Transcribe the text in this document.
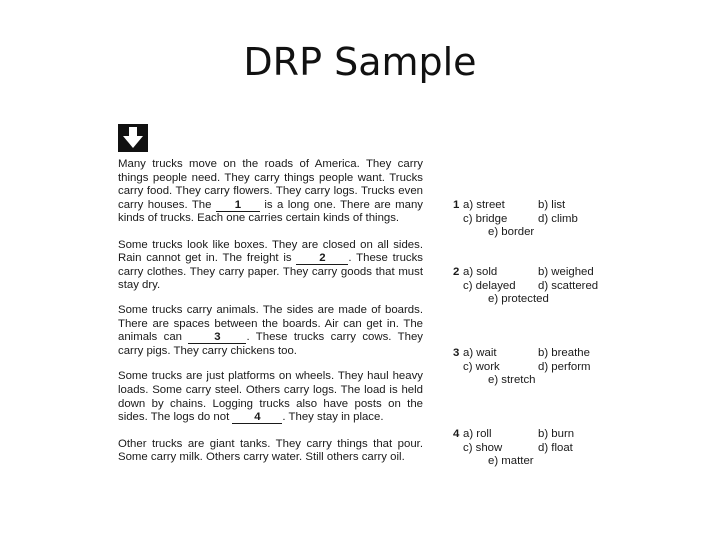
DRP Sample

Many trucks move on the roads of America. They carry things people need. They carry things people want. Trucks carry food. They carry flowers. They carry logs. Trucks even carry houses. The 1 is a long one. There are many kinds of trucks. Each one carries certain kinds of things.

Some trucks look like boxes. They are closed on all sides. Rain cannot get in. The freight is 2 . These trucks carry clothes. They carry paper. They carry goods that must stay dry.

Some trucks carry animals. The sides are made of boards. There are spaces between the boards. Air can get in. The animals can 3 . These trucks carry cows. They carry pigs. They carry chickens too.

Some trucks are just platforms on wheels. They haul heavy loads. Some carry steel. Others carry logs. The load is held down by chains. Logging trucks also have posts on the sides. The logs do not 4 . They stay in place.

Other trucks are giant tanks. They carry things that pour. Some carry milk. Others carry water. Still others carry oil.

1 a) street	b) list
c) bridge	d) climb
e) border
2 a) sold	b) weighed
c) delayed d) scattered
e) protected
3 a) wait	b) breathe
c) work	d) perform
e) stretch
4 a) roll	b) burn
c) show	d) float
e) matter
